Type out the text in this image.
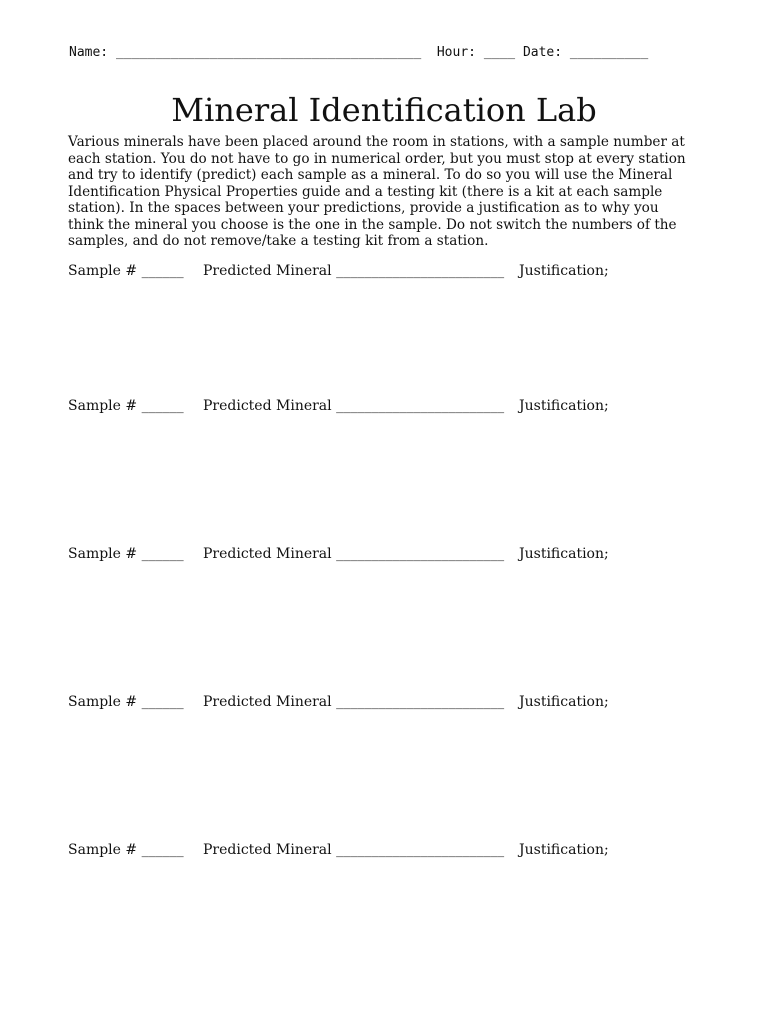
Name: _______________________________________  Hour: ____ Date: __________
Mineral Identification Lab
Various minerals have been placed around the room in stations, with a sample number at
each station. You do not have to go in numerical order, but you must stop at every station
and try to identify (predict) each sample as a mineral. To do so you will use the Mineral
Identification Physical Properties guide and a testing kit (there is a kit at each sample
station). In the spaces between your predictions, provide a justification as to why you
think the mineral you choose is the one in the sample. Do not switch the numbers of the
samples, and do not remove/take a testing kit from a station.

Sample # ______

Predicted Mineral ________________________

Justification;

Sample # ______

Predicted Mineral ________________________

Justification;

Sample # ______

Predicted Mineral ________________________

Justification;

Sample # ______

Predicted Mineral ________________________

Justification;

Sample # ______

Predicted Mineral ________________________

Justification;
